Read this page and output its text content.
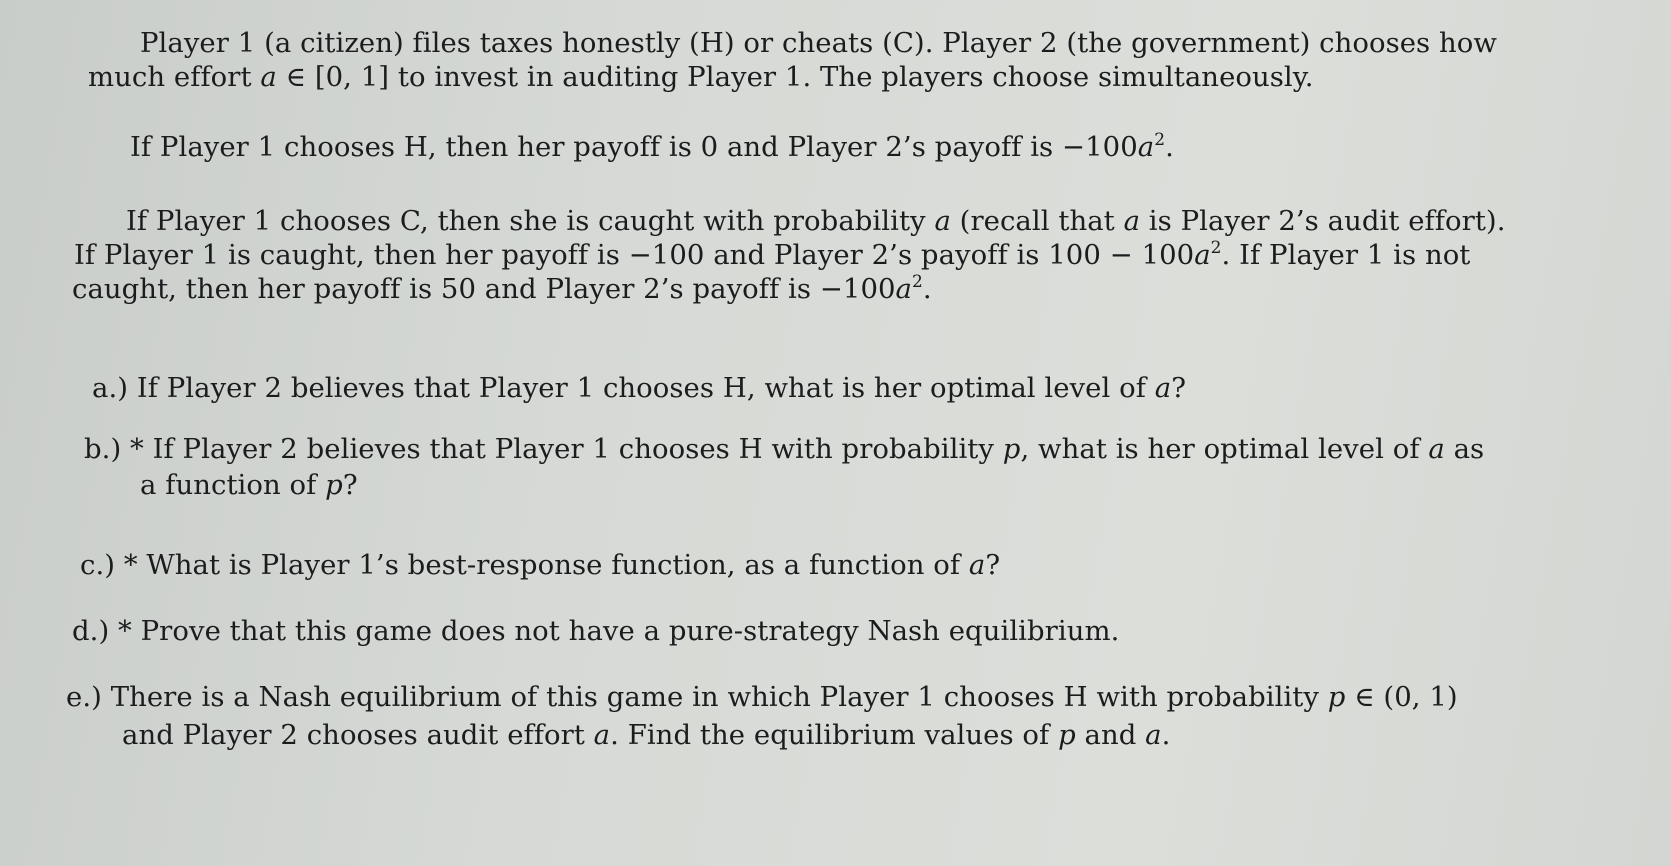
Player 1 (a citizen) files taxes honestly (H) or cheats (C). Player 2 (the government) chooses how
much effort a ∈ [0, 1] to invest in auditing Player 1. The players choose simultaneously.
If Player 1 chooses H, then her payoff is 0 and Player 2’s payoff is $-100a^2$.
If Player 1 chooses C, then she is caught with probability a (recall that a is Player 2’s audit effort).
If Player 1 is caught, then her payoff is −100 and Player 2’s payoff is $100 - 100a^2$. If Player 1 is not
caught, then her payoff is 50 and Player 2’s payoff is $-100a^2$.
a.) If Player 2 believes that Player 1 chooses H, what is her optimal level of a?
b.) * If Player 2 believes that Player 1 chooses H with probability p, what is her optimal level of a as
a function of p?
c.) * What is Player 1’s best-response function, as a function of a?
d.) * Prove that this game does not have a pure-strategy Nash equilibrium.
e.) There is a Nash equilibrium of this game in which Player 1 chooses H with probability p ∈ (0, 1)
and Player 2 chooses audit effort a. Find the equilibrium values of p and a.
